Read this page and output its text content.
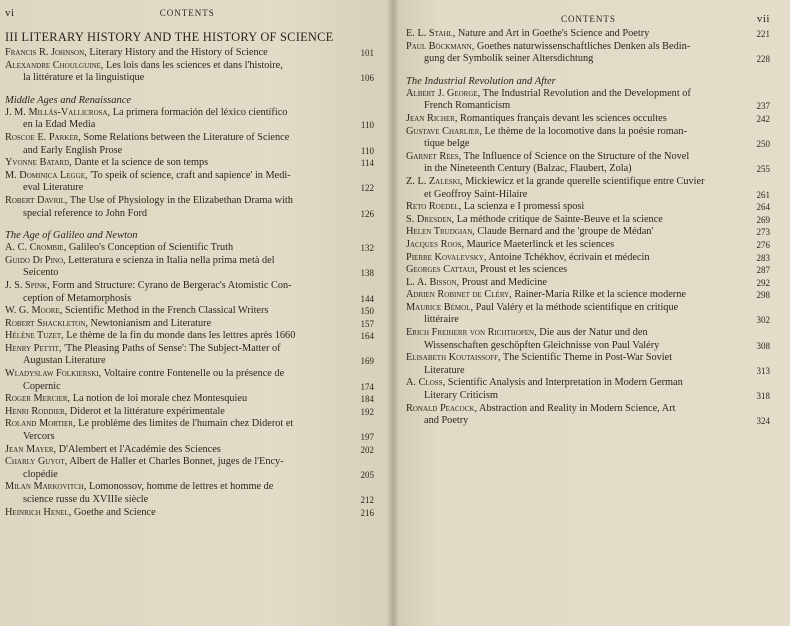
vi	CONTENTS
III LITERARY HISTORY AND THE HISTORY OF SCIENCE
Francis R. Johnson, Literary History and the History of Science	101
Alexandre Choulguine, Les lois dans les sciences et dans l'histoire,
la littérature et la linguistique	106
Middle Ages and Renaissance
J. M. Millás-Vallicrosa, La primera formación del léxico científico
en la Edad Media	110
Roscoe E. Parker, Some Relations between the Literature of Science
and Early English Prose	110
Yvonne Batard, Dante et la science de son temps	114
M. Dominica Legge, 'To speik of science, craft and sapience' in Medi-
eval Literature	122
Robert Davril, The Use of Physiology in the Elizabethan Drama with
special reference to John Ford	126
The Age of Galileo and Newton
A. C. Crombie, Galileo's Conception of Scientific Truth	132
Guido Di Pino, Letteratura e scienza in Italia nella prima metà del
Seicento	138
J. S. Spink, Form and Structure: Cyrano de Bergerac's Atomistic Con-
ception of Metamorphosis	144
W. G. Moore, Scientific Method in the French Classical Writers	150
Robert Shackleton, Newtonianism and Literature	157
Hélène Tuzet, Le thème de la fin du monde dans les lettres après 1660	164
Henry Pettit, 'The Pleasing Paths of Sense': The Subject-Matter of
Augustan Literature	169
Wladyslaw Folkierski, Voltaire contre Fontenelle ou la présence de
Copernic	174
Roger Mercier, La notion de loi morale chez Montesquieu	184
Henri Roddier, Diderot et la littérature expérimentale	192
Roland Mortier, Le problème des limites de l'humain chez Diderot et
Vercors	197
Jean Mayer, D'Alembert et l'Académie des Sciences	202
Charly Guyot, Albert de Haller et Charles Bonnet, juges de l'Ency-
clopédie	205
Milan Markovitch, Lomonossov, homme de lettres et homme de
science russe du XVIIIe siècle	212
Heinrich Henel, Goethe and Science	216
CONTENTS	vii
E. L. Stahl, Nature and Art in Goethe's Science and Poetry	221
Paul Böckmann, Goethes naturwissenschaftliches Denken als Bedin-
gung der Symbolik seiner Altersdichtung	228
The Industrial Revolution and After
Albert J. George, The Industrial Revolution and the Development of
French Romanticism	237
Jean Richer, Romantiques français devant les sciences occultes	242
Gustave Charlier, Le thème de la locomotive dans la poésie roman-
tique belge	250
Garnet Rees, The Influence of Science on the Structure of the Novel
in the Nineteenth Century (Balzac, Flaubert, Zola)	255
Z. L. Zaleski, Mickiewicz et la grande querelle scientifique entre Cuvier
et Geoffroy Saint-Hilaire	261
Reto Roedel, La scienza e I promessi sposi	264
S. Dresden, La méthode critique de Sainte-Beuve et la science	269
Helen Trudgian, Claude Bernard and the 'groupe de Médan'	273
Jacques Roos, Maurice Maeterlinck et les sciences	276
Pierre Kovalevsky, Antoine Tchékhov, écrivain et médecin	283
Georges Cattaui, Proust et les sciences	287
L. A. Bisson, Proust and Medicine	292
Adrien Robinet de Cléry, Rainer-Maria Rilke et la science moderne	298
Maurice Bémol, Paul Valéry et la méthode scientifique en critique
littéraire	302
Erich Freiherr von Richthofen, Die aus der Natur und den
Wissenschaften geschöpften Gleichnisse von Paul Valéry	308
Elisabeth Koutaissoff, The Scientific Theme in Post-War Soviet
Literature	313
A. Closs, Scientific Analysis and Interpretation in Modern German
Literary Criticism	318
Ronald Peacock, Abstraction and Reality in Modern Science, Art
and Poetry	324
